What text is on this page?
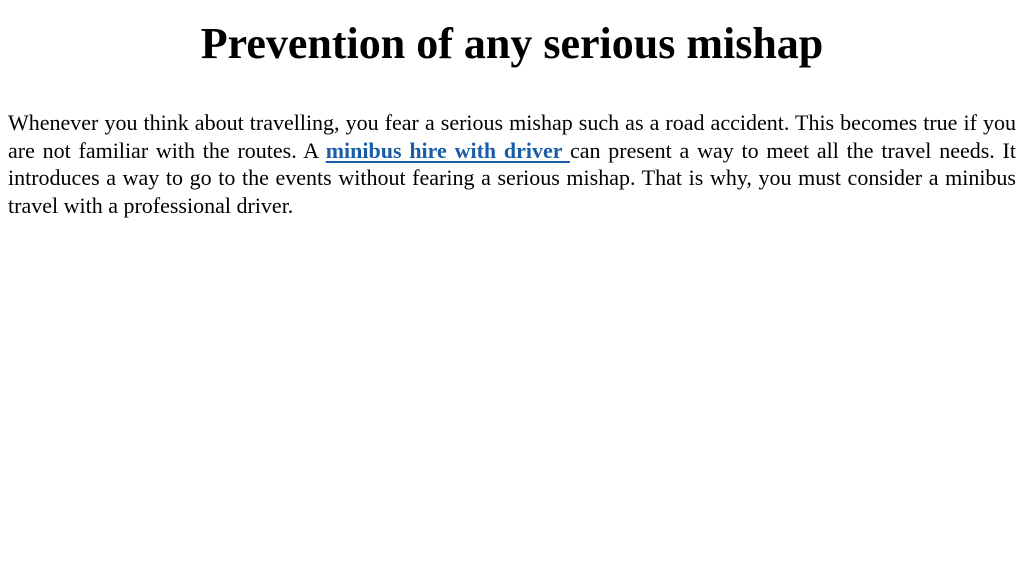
Prevention of any serious mishap

Whenever you think about travelling, you fear a serious mishap such as a road accident. This becomes true if you are not familiar with the routes. A minibus hire with driver can present a way to meet all the travel needs. It introduces a way to go to the events without fearing a serious mishap. That is why, you must consider a minibus travel with a professional driver.
